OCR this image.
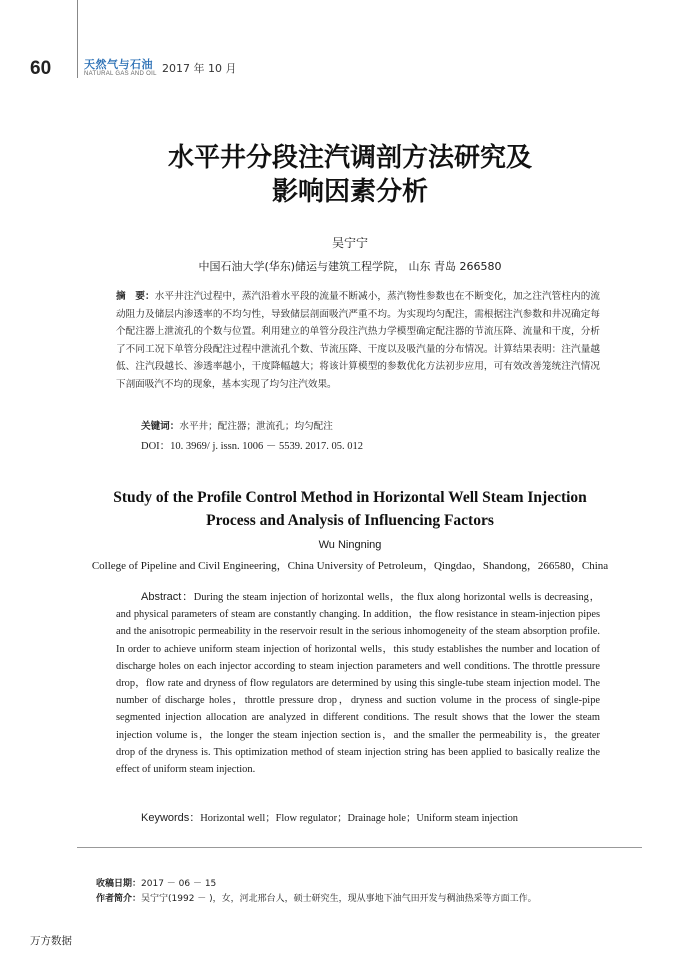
60	天然气与石油
NATURAL GAS AND OIL 2017 年 10 月
水平井分段注汽调剖方法研究及
影响因素分析
吴宁宁
中国石油大学(华东)储运与建筑工程学院， 山东 青岛 266580
摘　要：水平井注汽过程中，蒸汽沿着水平段的流量不断减小，蒸汽物性参数也在不断变化，加之注汽管柱内的流动阻力及储层内渗透率的不均匀性，导致储层剖面吸汽严重不均。为实现均匀配注，需根据注汽参数和井况确定每个配注器上泄流孔的个数与位置。利用建立的单管分段注汽热力学模型确定配注器的节流压降、流量和干度，分析了不同工况下单管分段配注过程中泄流孔个数、节流压降、干度以及吸汽量的分布情况。计算结果表明：注汽量越低、注汽段越长、渗透率越小，干度降幅越大；将该计算模型的参数优化方法初步应用，可有效改善笼统注汽情况下剖面吸汽不均的现象，基本实现了均匀注汽效果。
关键词：水平井；配注器；泄流孔；均匀配注
DOI：10. 3969/ j. issn. 1006 － 5539. 2017. 05. 012
Study of the Profile Control Method in Horizontal Well Steam Injection
Process and Analysis of Influencing Factors
Wu Ningning
College of Pipeline and Civil Engineering，China University of Petroleum，Qingdao，Shandong，266580，China
Abstract：During the steam injection of horizontal wells，the flux along horizontal wells is decreasing，and physical parameters of steam are constantly changing. In addition，the flow resistance in steam-injection pipes and the anisotropic permeability in the reservoir result in the serious inhomogeneity of the steam absorption profile. In order to achieve uniform steam injection of horizontal wells，this study establishes the number and location of discharge holes on each injector according to steam injection parameters and well conditions. The throttle pressure drop，flow rate and dryness of flow regulators are determined by using this single-tube steam injection model. The number of discharge holes，throttle pressure drop，dryness and suction volume in the process of single-pipe segmented injection allocation are analyzed in different conditions. The result shows that the lower the steam injection volume is，the longer the steam injection section is，and the smaller the permeability is，the greater drop of the dryness is. This optimization method of steam injection string has been applied to basically realize the effect of uniform steam injection.
Keywords：Horizontal well；Flow regulator；Drainage hole；Uniform steam injection
收稿日期：2017 － 06 － 15
作者简介：吴宁宁(1992 － )，女，河北邢台人，硕士研究生，现从事地下油气田开发与稠油热采等方面工作。
万方数据
